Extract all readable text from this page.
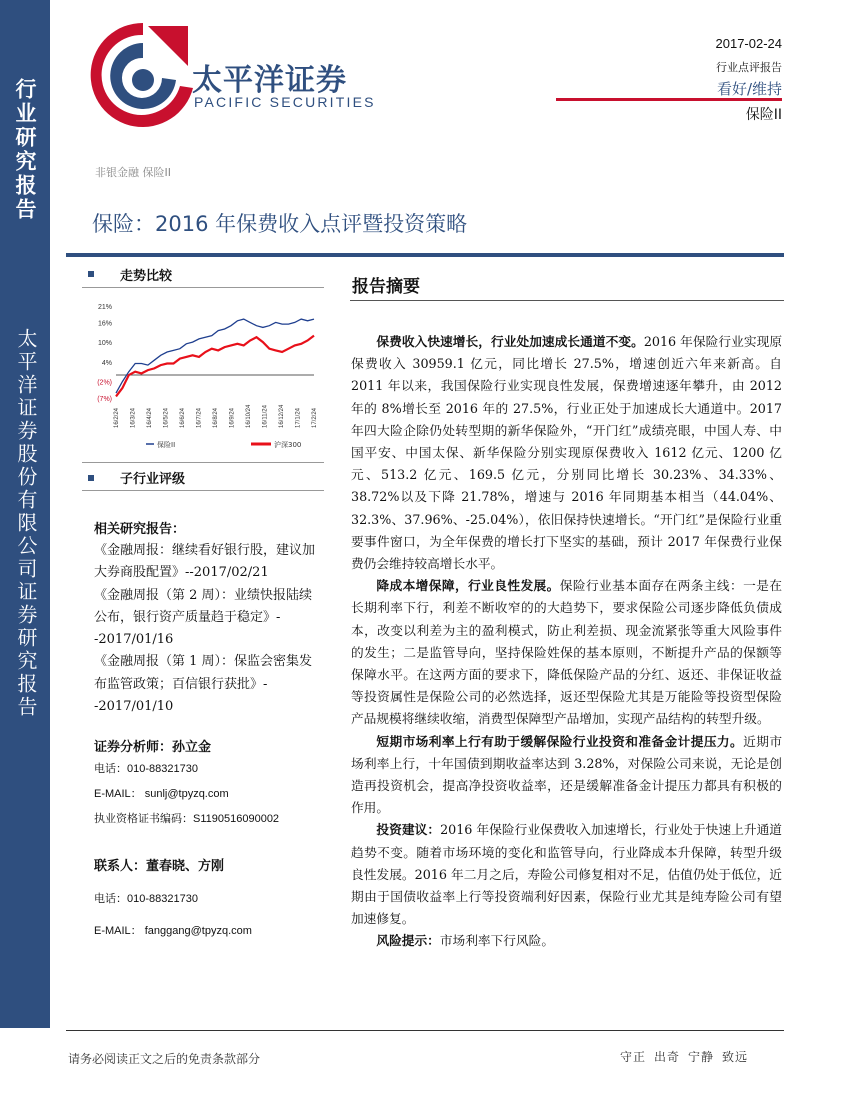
行业研究报告
太平洋证券股份有限公司证券研究报告
太平洋证券
PACIFIC SECURITIES
2017-02-24
行业点评报告
看好/维持
保险II
非银金融 保险II
保险：2016 年保费收入点评暨投资策略
走势比较
21%
16%
10%
4%
(2%)
(7%)
16/2/24 16/3/24 16/4/24 16/5/24 16/6/24 16/7/24 16/8/24 16/9/24 16/10/24 16/11/24 16/12/24 17/1/24 17/2/24
保险II	沪深300
子行业评级
相关研究报告：
《金融周报：继续看好银行股，建议加大券商股配置》--2017/02/21
《金融周报（第 2 周）：业绩快报陆续公布，银行资产质量趋于稳定》--2017/01/16
《金融周报（第 1 周）：保监会密集发布监管政策；百信银行获批》--2017/01/10
证券分析师：孙立金
电话：010-88321730
E-MAIL： sunlj@tpyzq.com
执业资格证书编码：S1190516090002
联系人：董春晓、方刚
电话：010-88321730
E-MAIL： fanggang@tpyzq.com
报告摘要

保费收入快速增长，行业处加速成长通道不变。2016 年保险行业实现原保费收入 30959.1 亿元，同比增长 27.5%，增速创近六年来新高。自 2011 年以来，我国保险行业实现良性发展，保费增速逐年攀升，由 2012 年的 8%增长至 2016 年的 27.5%，行业正处于加速成长大通道中。2017 年四大险企除仍处转型期的新华保险外，“开门红”成绩亮眼，中国人寿、中国平安、中国太保、新华保险分别实现原保费收入 1612 亿元、1200 亿元、513.2 亿元、169.5 亿元，分别同比增长 30.23%、34.33%、38.72%以及下降 21.78%，增速与 2016 年同期基本相当（44.04%、32.3%、37.96%、-25.04%），依旧保持快速增长。“开门红”是保险行业重要事件窗口，为全年保费的增长打下坚实的基础，预计 2017 年保费行业保费仍会维持较高增长水平。

降成本增保障，行业良性发展。保险行业基本面存在两条主线：一是在长期利率下行，利差不断收窄的的大趋势下，要求保险公司逐步降低负债成本，改变以利差为主的盈利模式，防止利差损、现金流紧张等重大风险事件的发生；二是监管导向，坚持保险姓保的基本原则，不断提升产品的保额等保障水平。在这两方面的要求下，降低保险产品的分红、返还、非保证收益等投资属性是保险公司的必然选择，返还型保险尤其是万能险等投资型保险产品规模将继续收缩，消费型保障型产品增加，实现产品结构的转型升级。

短期市场利率上行有助于缓解保险行业投资和准备金计提压力。近期市场利率上行，十年国债到期收益率达到 3.28%，对保险公司来说，无论是创造再投资机会，提高净投资收益率，还是缓解准备金计提压力都具有积极的作用。

投资建议：2016 年保险行业保费收入加速增长，行业处于快速上升通道趋势不变。随着市场环境的变化和监管导向，行业降成本升保障，转型升级良性发展。2016 年二月之后，寿险公司修复相对不足，估值仍处于低位，近期由于国债收益率上行等投资端利好因素，保险行业尤其是纯寿险公司有望加速修复。

风险提示：市场利率下行风险。

请务必阅读正文之后的免责条款部分	守正 出奇 宁静 致远
